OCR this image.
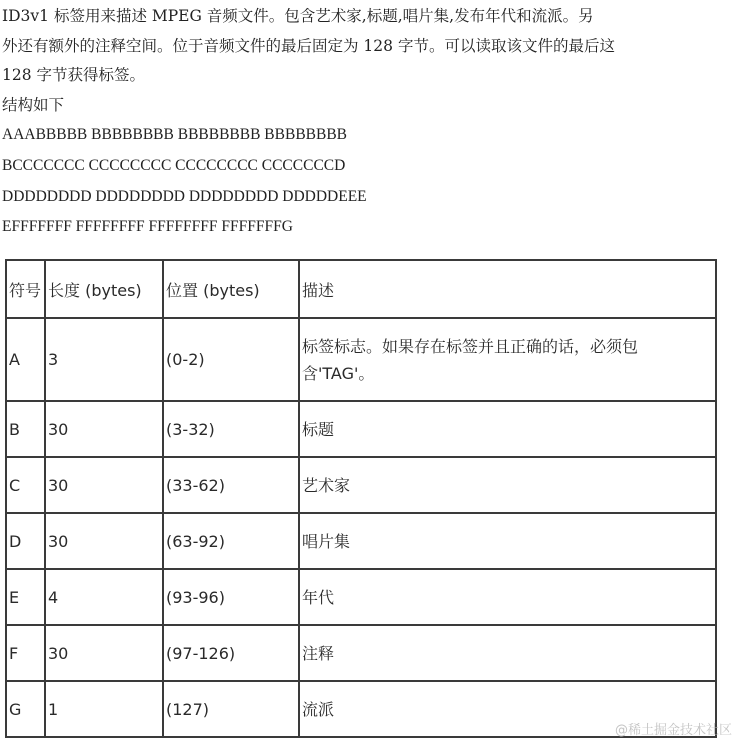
ID3v1 标签用来描述 MPEG 音频文件。包含艺术家,标题,唱片集,发布年代和流派。另

外还有额外的注释空间。位于音频文件的最后固定为 128 字节。可以读取该文件的最后这

128 字节获得标签。

结构如下

AAABBBBB BBBBBBBB BBBBBBBB BBBBBBBB

BCCCCCCC CCCCCCCC CCCCCCCC CCCCCCCD

DDDDDDDD DDDDDDDD DDDDDDDD DDDDDEEE

EFFFFFFF FFFFFFFF FFFFFFFF FFFFFFFG

符号	长度 (bytes)	位置 (bytes)	描述
A	3	(0-2)	标签标志。如果存在标签并且正确的话，必须包含'TAG'。
B	30	(3-32)	标题
C	30	(33-62)	艺术家
D	30	(63-92)	唱片集
E	4	(93-96)	年代
F	30	(97-126)	注释
G	1	(127)	流派
@稀土掘金技术社区
